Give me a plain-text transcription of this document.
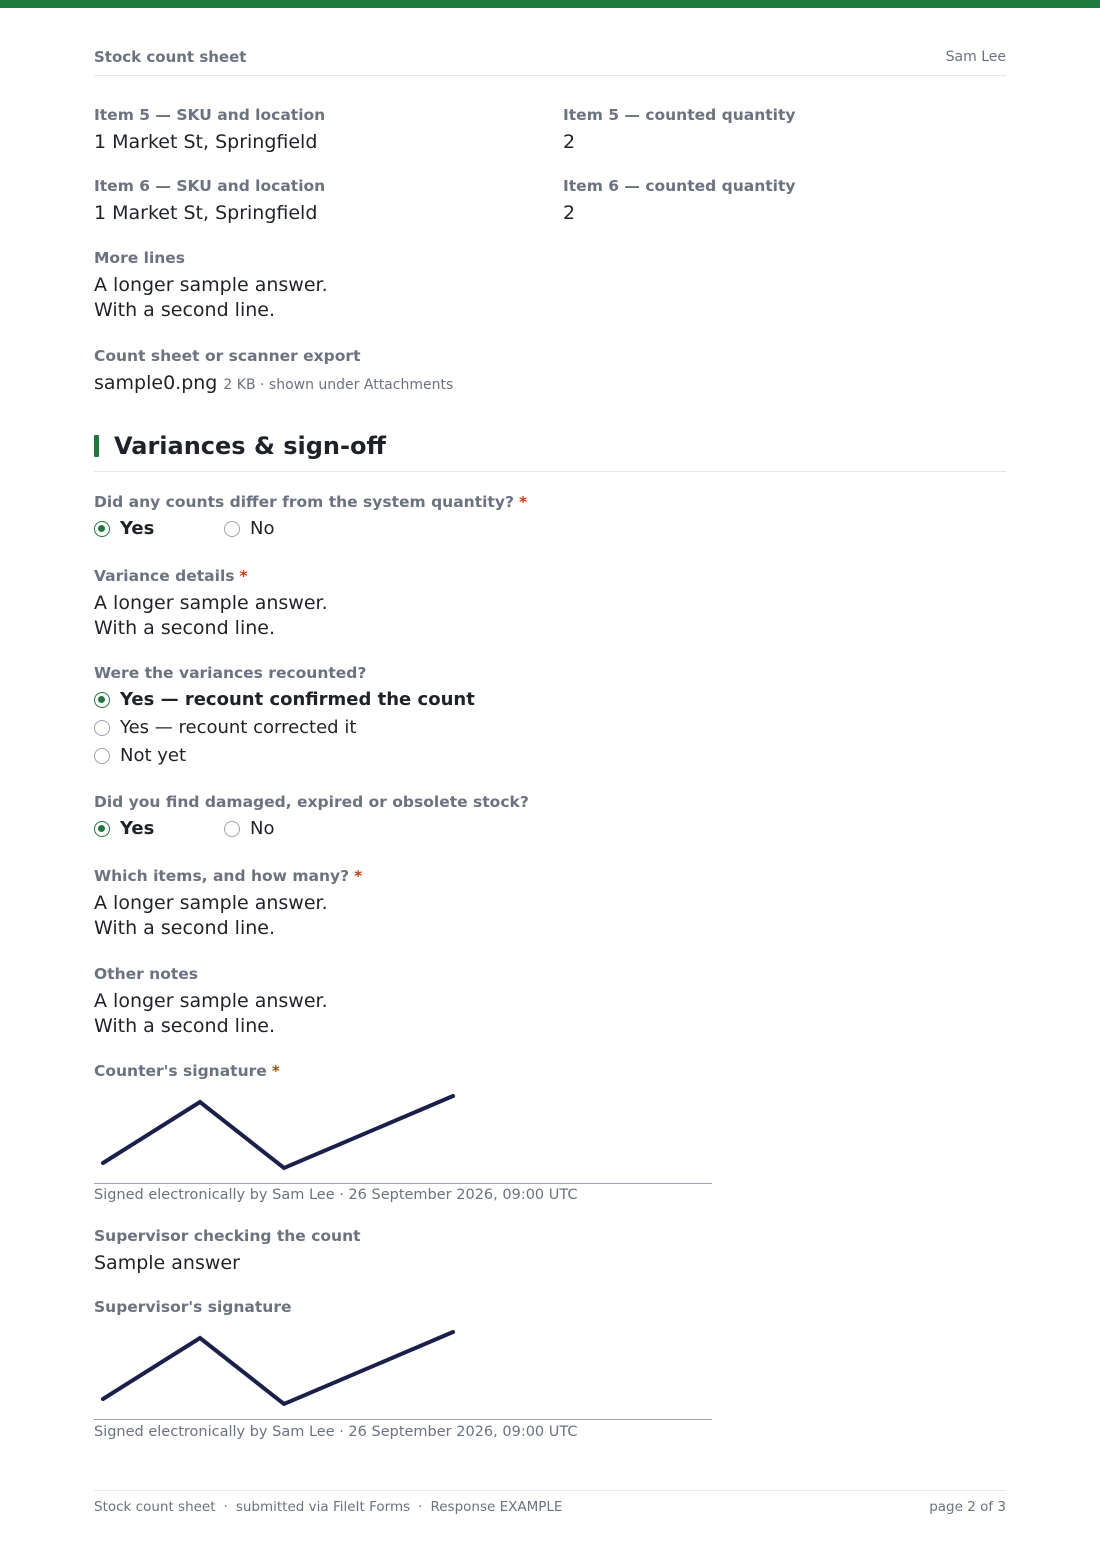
Stock count sheet	Sam Lee
Item 5 — SKU and location
1 Market St, Springfield
Item 5 — counted quantity
2
Item 6 — SKU and location
1 Market St, Springfield
Item 6 — counted quantity
2
More lines
A longer sample answer.
With a second line.
Count sheet or scanner export
sample0.png 2 KB · shown under Attachments
Variances & sign-off
Did any counts differ from the system quantity? *
Yes	No
Variance details *
A longer sample answer.
With a second line.
Were the variances recounted?
Yes — recount confirmed the count
Yes — recount corrected it
Not yet
Did you find damaged, expired or obsolete stock?
Yes	No
Which items, and how many? *
A longer sample answer.
With a second line.
Other notes
A longer sample answer.
With a second line.
Counter's signature *
Signed electronically by Sam Lee · 26 September 2026, 09:00 UTC
Supervisor checking the count
Sample answer
Supervisor's signature
Signed electronically by Sam Lee · 26 September 2026, 09:00 UTC
Stock count sheet · submitted via FileIt Forms · Response EXAMPLE	page 2 of 3
